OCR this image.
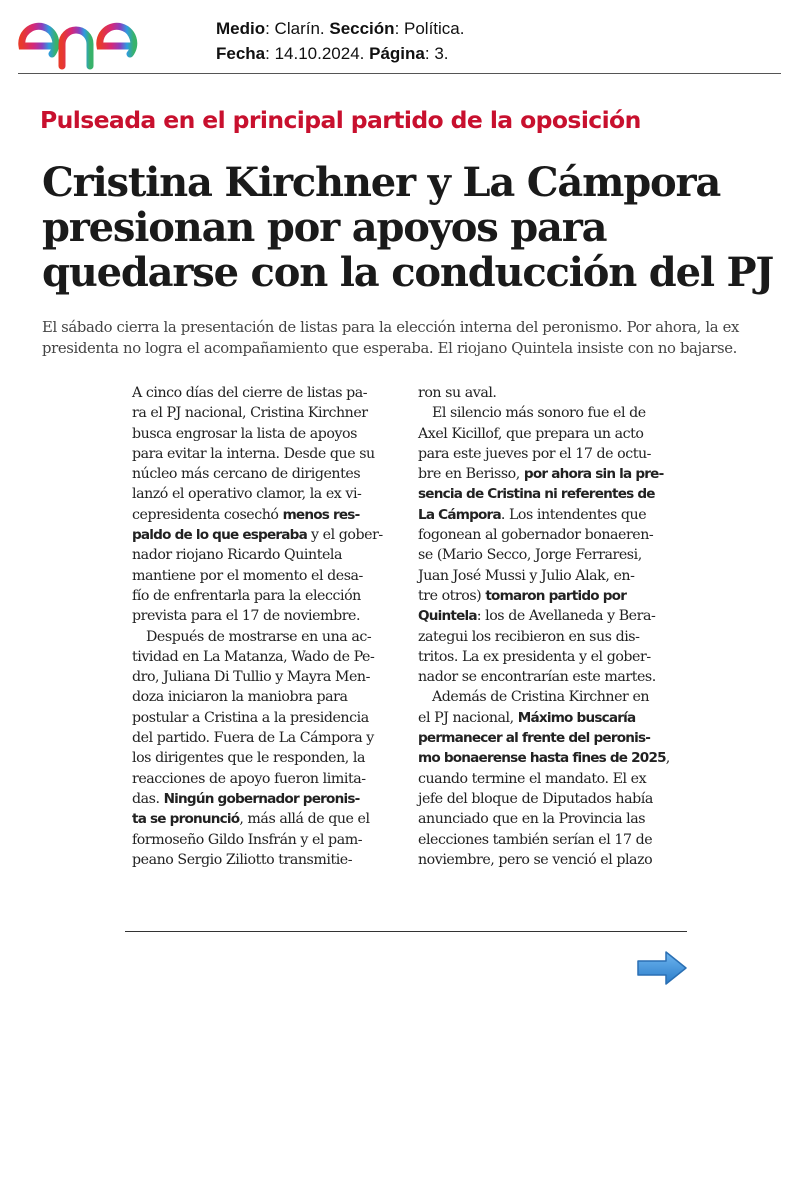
Medio: Clarín. Sección: Política.
Fecha: 14.10.2024. Página: 3.
Pulseada en el principal partido de la oposición
Cristina Kirchner y La Cámpora
presionan por apoyos para
quedarse con la conducción del PJ
El sábado cierra la presentación de listas para la elección interna del peronismo. Por ahora, la ex
presidenta no logra el acompañamiento que esperaba. El riojano Quintela insiste con no bajarse.
A cinco días del cierre de listas pa-
ra el PJ nacional, Cristina Kirchner
busca engrosar la lista de apoyos
para evitar la interna. Desde que su
núcleo más cercano de dirigentes
lanzó el operativo clamor, la ex vi-
cepresidenta cosechó menos res-
paldo de lo que esperaba y el gober-
nador riojano Ricardo Quintela
mantiene por el momento el desa-
fío de enfrentarla para la elección
prevista para el 17 de noviembre.
Después de mostrarse en una ac-
tividad en La Matanza, Wado de Pe-
dro, Juliana Di Tullio y Mayra Men-
doza iniciaron la maniobra para
postular a Cristina a la presidencia
del partido. Fuera de La Cámpora y
los dirigentes que le responden, la
reacciones de apoyo fueron limita-
das. Ningún gobernador peronis-
ta se pronunció, más allá de que el
formoseño Gildo Insfrán y el pam-
peano Sergio Ziliotto transmitie-
ron su aval.
El silencio más sonoro fue el de
Axel Kicillof, que prepara un acto
para este jueves por el 17 de octu-
bre en Berisso, por ahora sin la pre-
sencia de Cristina ni referentes de
La Cámpora. Los intendentes que
fogonean al gobernador bonaeren-
se (Mario Secco, Jorge Ferraresi,
Juan José Mussi y Julio Alak, en-
tre otros) tomaron partido por
Quintela: los de Avellaneda y Bera-
zategui los recibieron en sus dis-
tritos. La ex presidenta y el gober-
nador se encontrarían este martes.
Además de Cristina Kirchner en
el PJ nacional, Máximo buscaría
permanecer al frente del peronis-
mo bonaerense hasta fines de 2025,
cuando termine el mandato. El ex
jefe del bloque de Diputados había
anunciado que en la Provincia las
elecciones también serían el 17 de
noviembre, pero se venció el plazo
